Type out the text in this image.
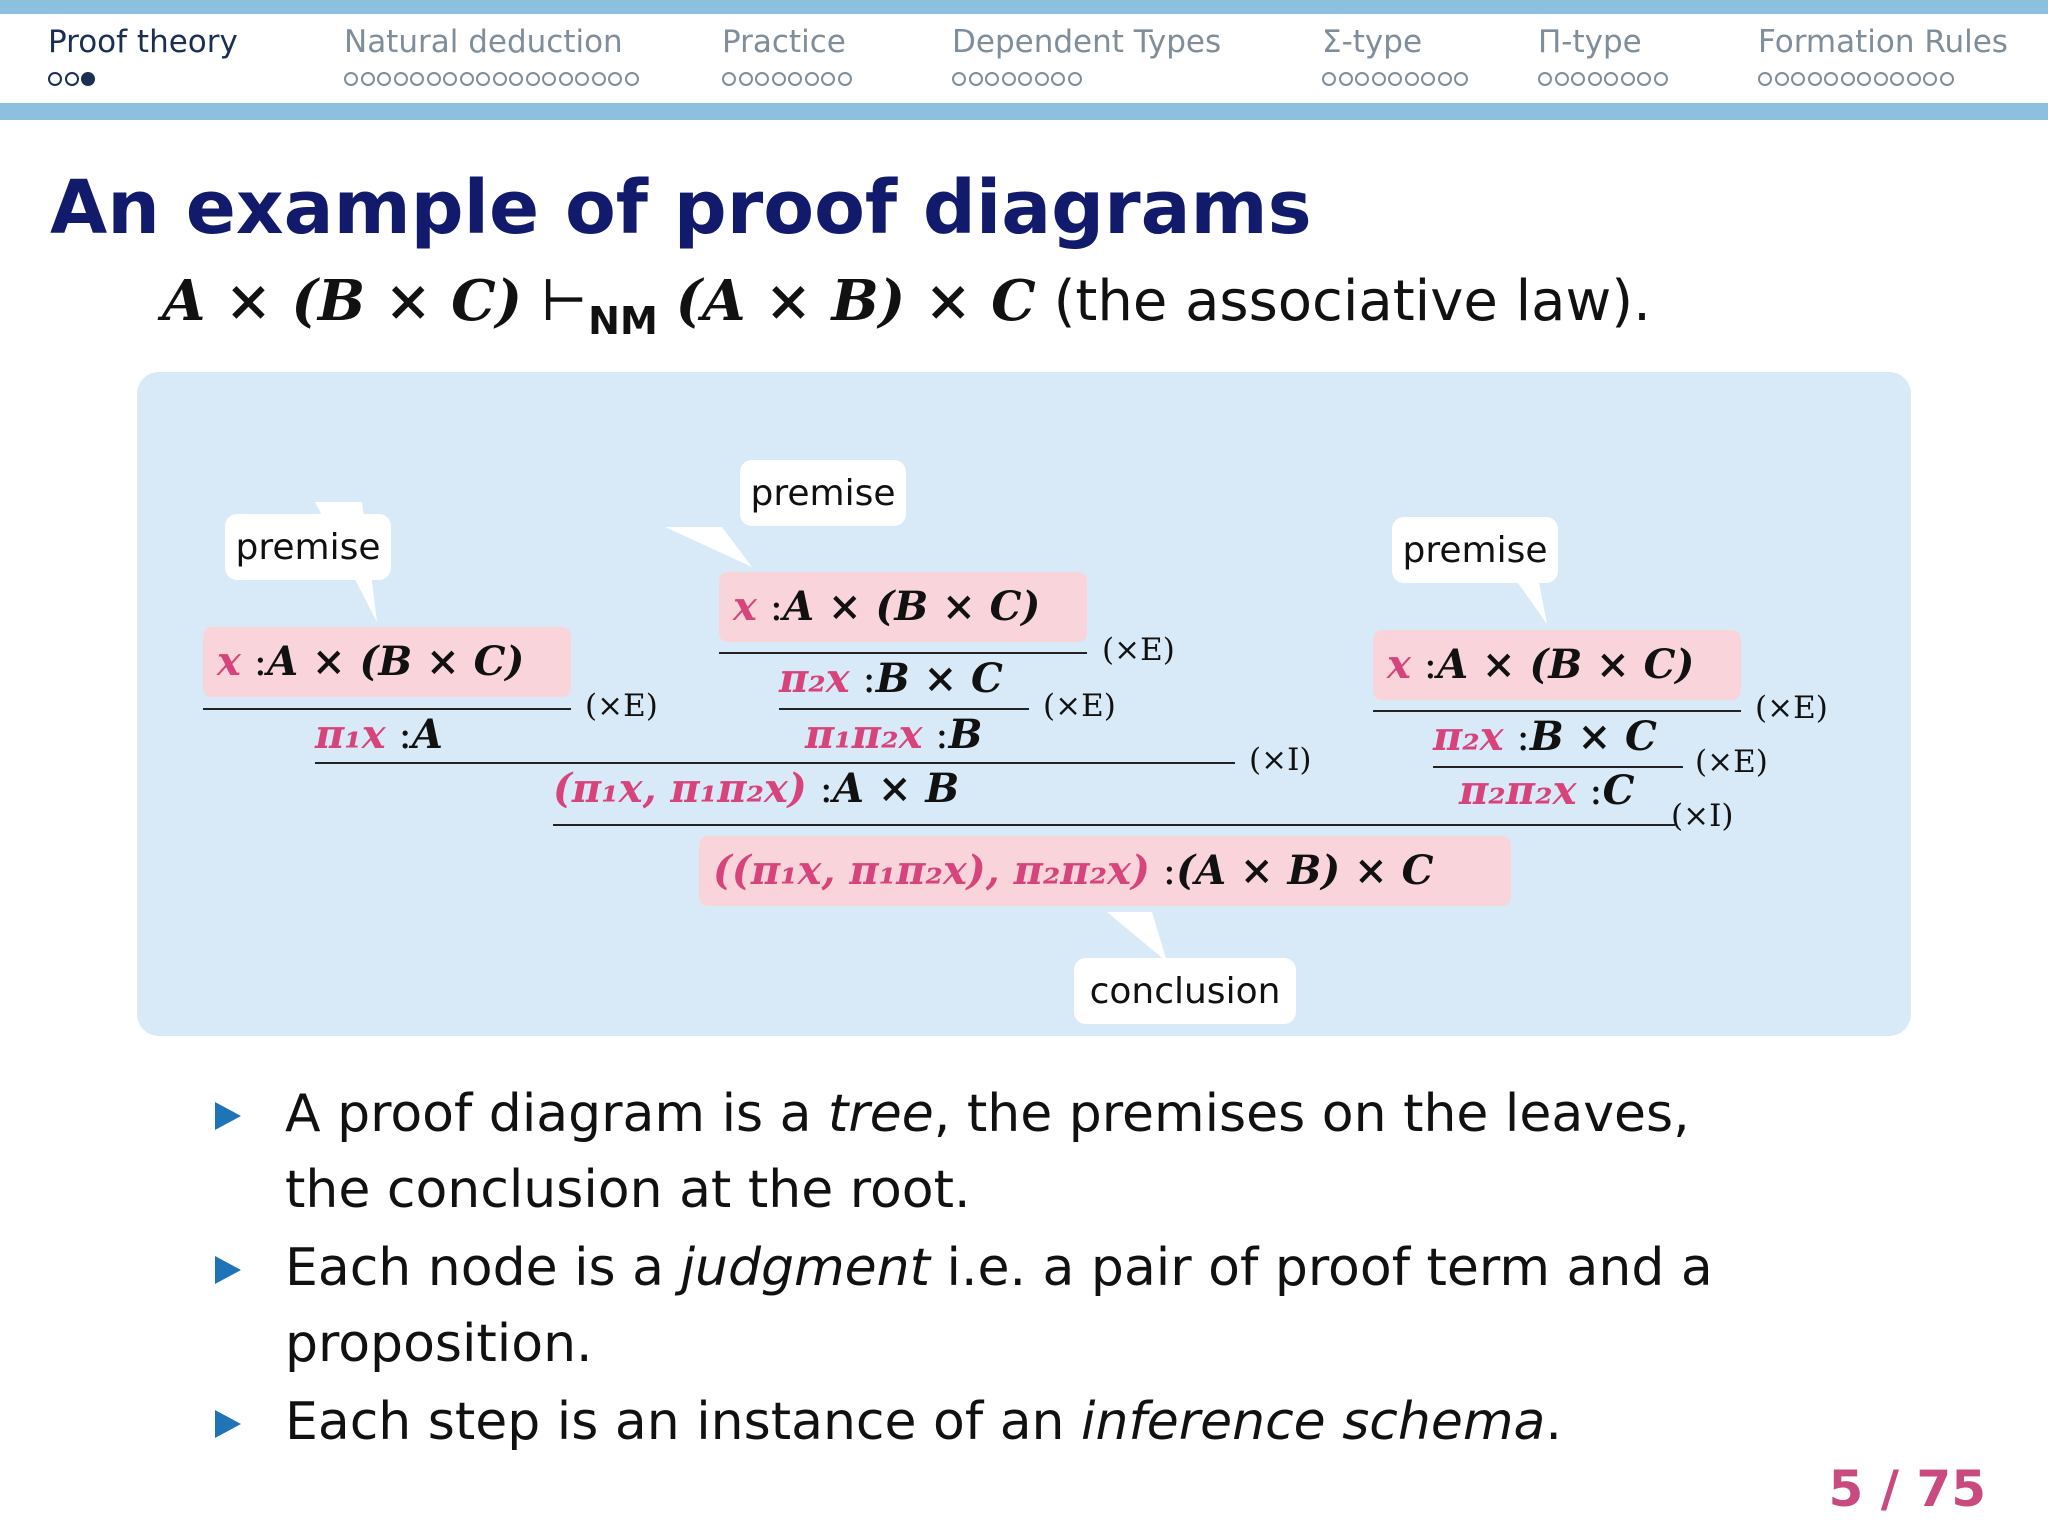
Proof theory	Natural deduction	Practice	Dependent Types	Σ-type	Π-type	Formation Rules
An example of proof diagrams
A × (B × C) $⊢_{NM}$ (A × B) × C (the associative law).
premise
premise
premise
conclusion
x :A × (B × C)
(×E)
π₁x :A
x :A × (B × C)
(×E)
π₂x :B × C
(×E)
π₁π₂x :B
(×I)
(π₁x, π₁π₂x) :A × B
x :A × (B × C)
(×E)
π₂x :B × C
(×E)
π₂π₂x :C
(×I)
((π₁x, π₁π₂x), π₂π₂x) :(A × B) × C
A proof diagram is a tree, the premises on the leaves, the conclusion at the root.
Each node is a judgment i.e. a pair of proof term and a proposition.
Each step is an instance of an inference schema.
5 / 75
